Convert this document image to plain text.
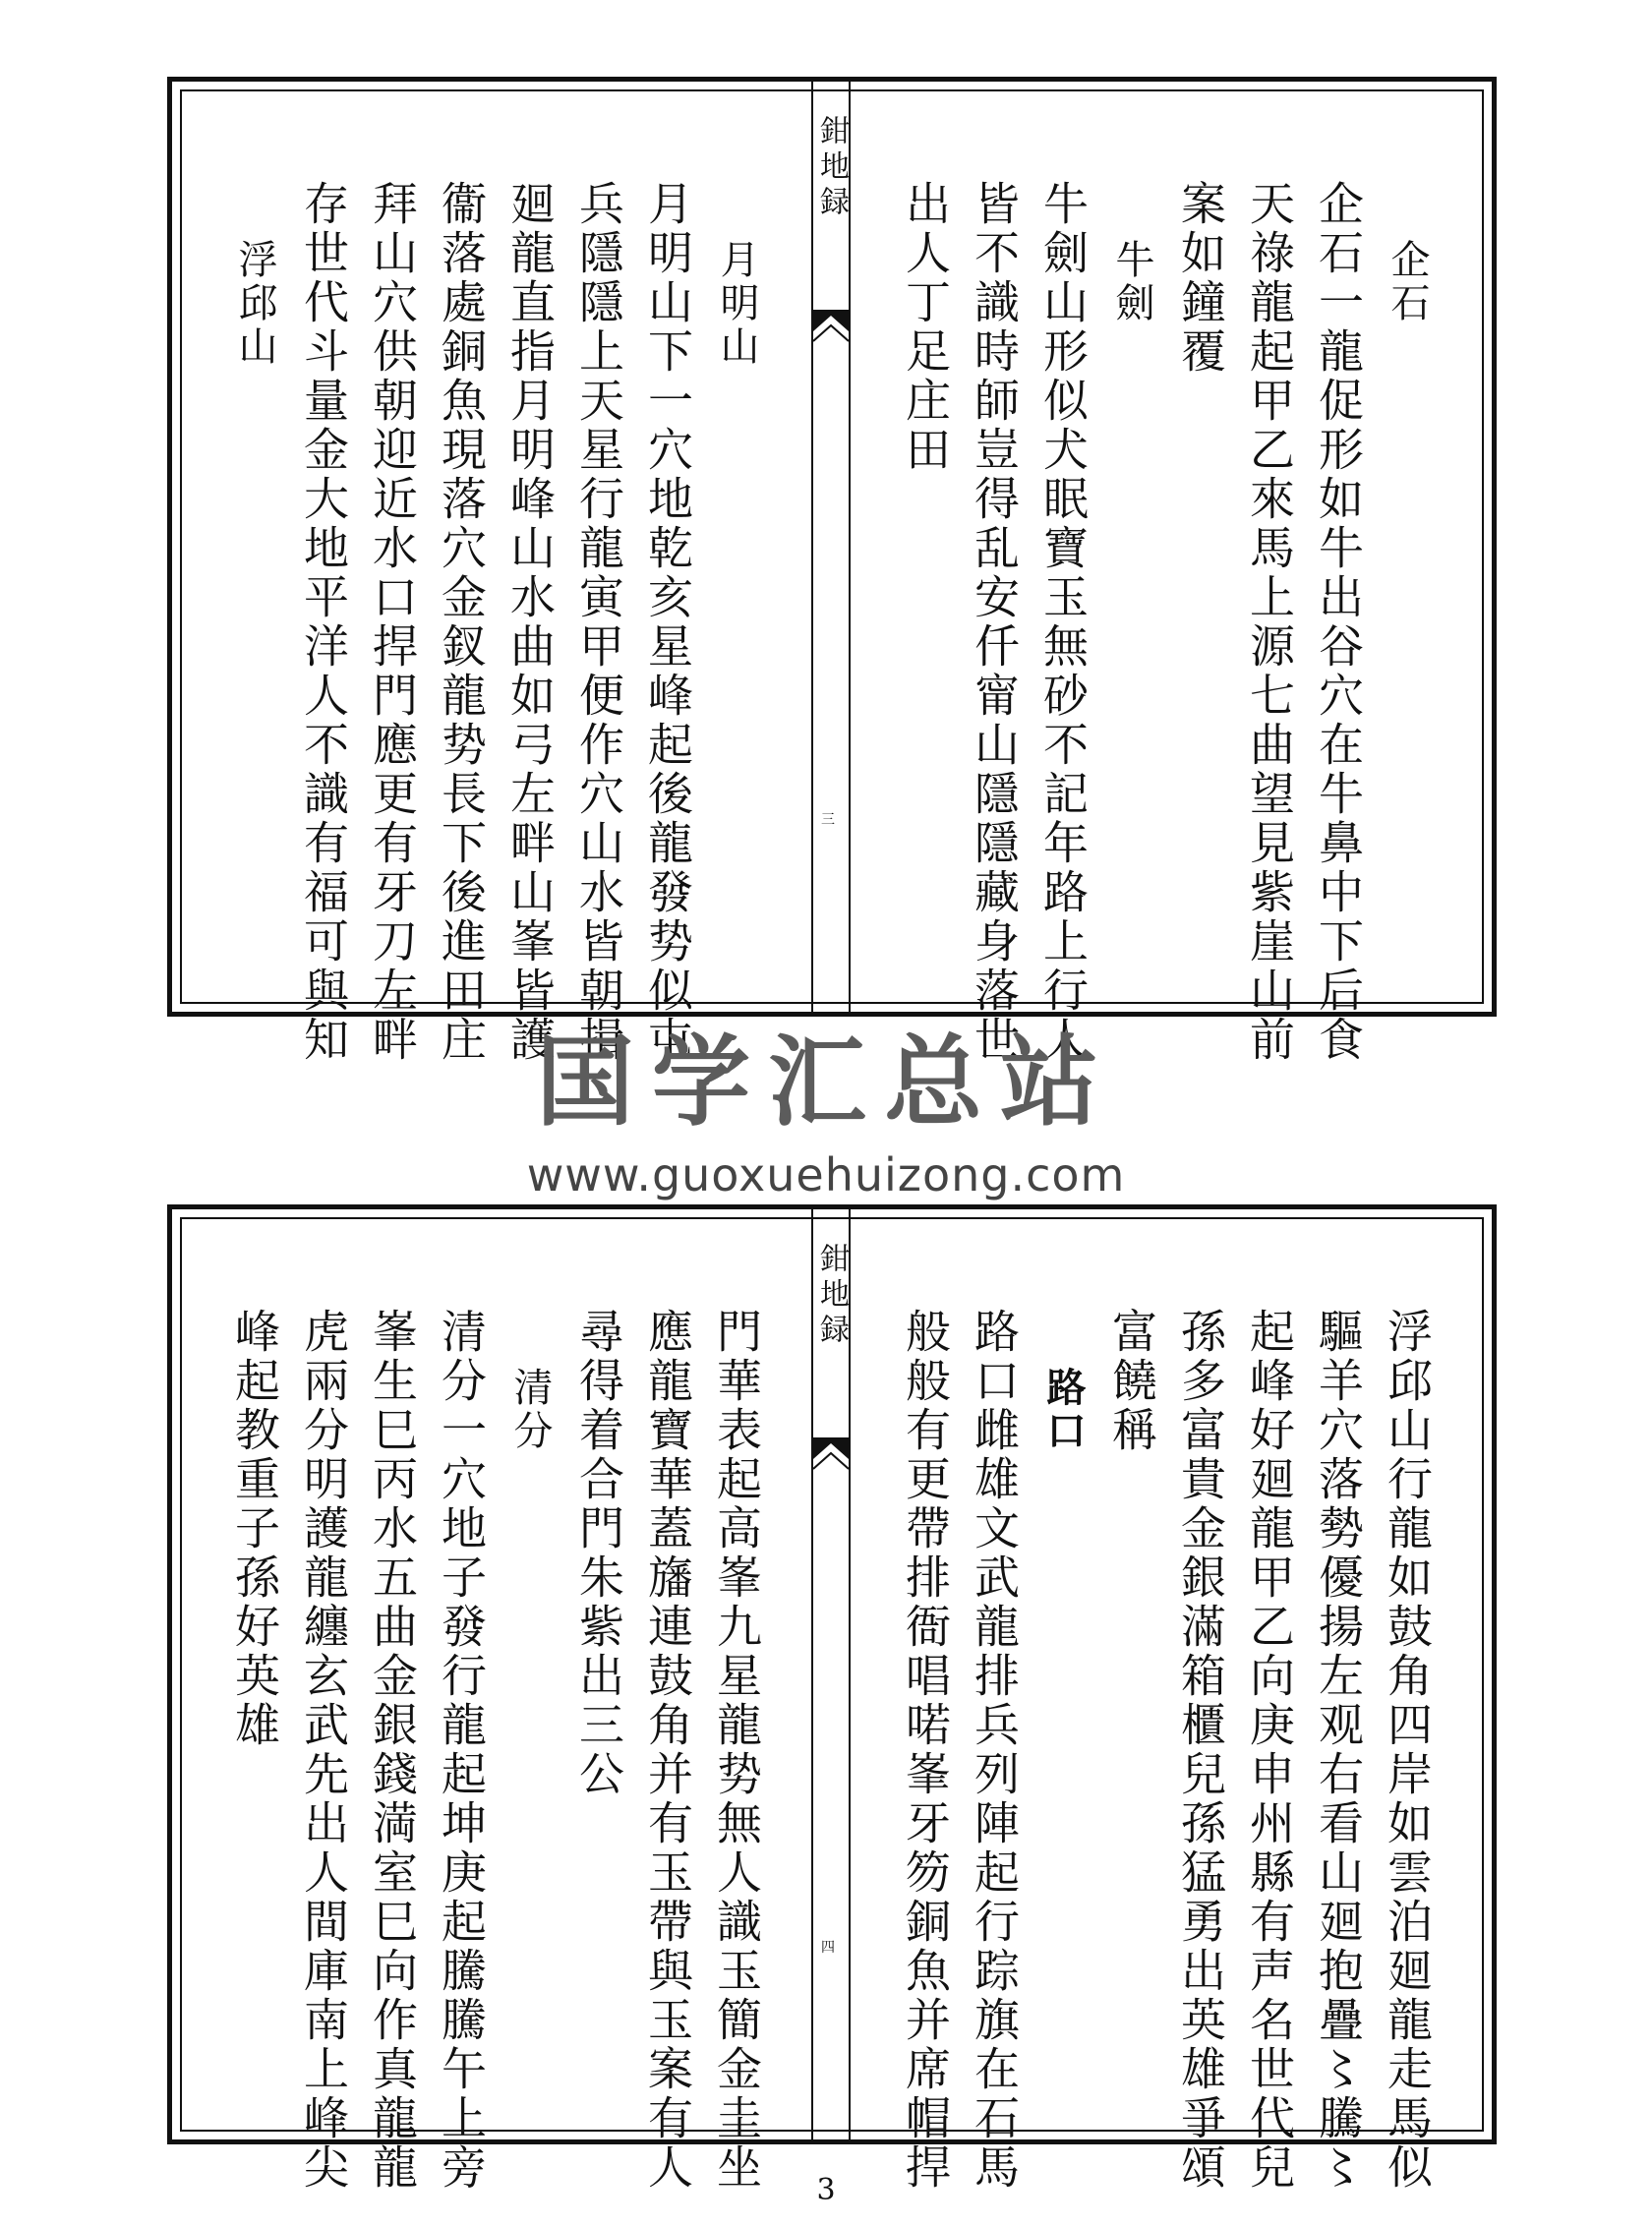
企石
企石一龍促形如牛出谷穴在牛鼻中下后食
天祿龍起甲乙來馬上源七曲望見紫崖山前
案如鐘覆
牛劍
牛劍山形似犬眠寶玉無砂不記年路上行人
皆不識時師豈得乱安仟甯山隱隱藏身落世
出人丁足庄田
鉗地録
三
月明山
月明山下一穴地乾亥星峰起後龍發势似屯
兵隱隱上天星行龍寅甲便作穴山水皆朝揖
廻龍直指月明峰山水曲如弓左畔山峯皆護
衞落處銅魚現落穴金釵龍势長下後進田庄
拜山穴供朝迎近水口捍門應更有牙刀左畔
存世代斗量金大地平洋人不識有福可與知
浮邱山
国学汇总站
www.guoxuehuizong.com
浮邱山行龍如鼓角四岸如雲泊廻龍走馬似
驅羊穴落勢優揚左观右看山廻抱疊〻騰〻
起峰好廻龍甲乙向庚申州縣有声名世代兒
孫多富貴金銀滿箱櫃兒孫猛勇出英雄爭頌
富饒稱
路口
路口雌雄文武龍排兵列陣起行踪旗在石馬
般般有更帶排衙唱喏峯牙笏銅魚并席帽捍
鉗地録
四
門華表起高峯九星龍势無人識玉簡金圭坐
應龍寶華蓋旛連鼓角并有玉帶與玉案有人
尋得着合門朱紫出三公
清分
清分一穴地子發行龍起坤庚起騰騰午上旁
峯生巳丙水五曲金銀錢満室巳向作真龍龍
虎兩分明護龍纏玄武先出人間庫南上峰尖
峰起教重子孫好英雄
3
